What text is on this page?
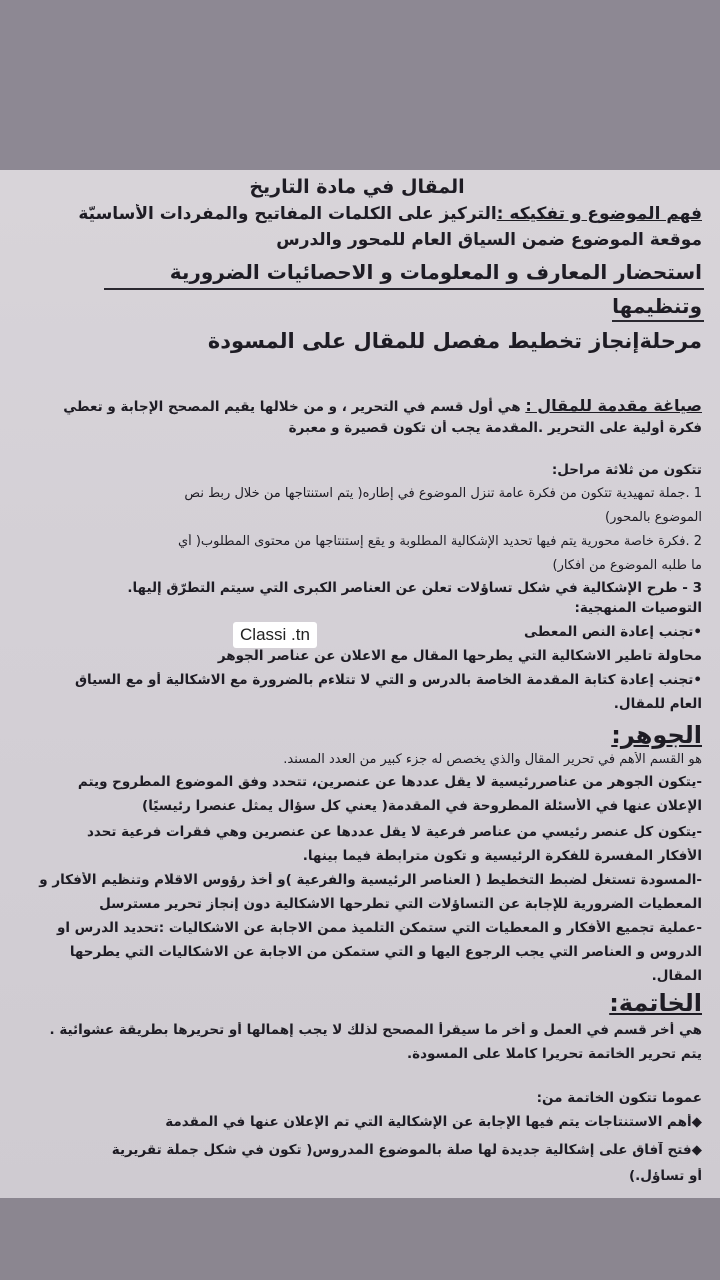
المقال في مادة التاريخ
فهم الموضوع و تفكيكه :التركيز على الكلمات المفاتيح والمفردات الأساسيّة
موقعة الموضوع ضمن السياق العام للمحور والدرس
استحضار المعارف و المعلومات و الاحصائيات الضرورية
وتنظيمها
مرحلةإنجاز تخطيط مفصل للمقال على المسودة
صياغة مقدمة للمقال : هي أول قسم في التحرير ، و من خلالها يقيم المصحح الإجابة و تعطي
فكرة أولية على التحرير .المقدمة يجب أن تكون قصيرة و معبرة
تتكون من ثلاثة مراحل:
1 .جملة تمهيدية تتكون من فكرة عامة تنزل الموضوع في إطاره( يتم استنتاجها من خلال ربط نص
الموضوع بالمحور)
2 .فكرة خاصة محورية يتم فيها تحديد الإشكالية المطلوبة و يقع إستنتاجها من محتوى المطلوب( أي
ما طلبه الموضوع من أفكار)
3 - طرح الإشكالية في شكل تساؤلات تعلن عن العناصر الكبرى التي سيتم التطرّق إليها.
التوصيات المنهجية:
•تجنب إعادة النص المعطى
محاولة تاطير الاشكالية التي يطرحها المقال مع الاعلان عن عناصر الجوهر
•تجنب إعادة كتابة المقدمة الخاصة بالدرس و التي لا تتلاءم بالضرورة مع الاشكالية أو مع السياق
العام للمقال.
الجوهر:
هو القسم الأهم في تحرير المقال والذي يخصص له جزء كبير من العدد المسند.
-يتكون الجوهر من عناصررئيسية لا يقل عددها عن عنصرين، تتحدد وفق الموضوع المطروح ويتم
الإعلان عنها في الأسئلة المطروحة في المقدمة( يعني كل سؤال يمثل عنصرا رئيسيًا)
-يتكون كل عنصر رئيسي من عناصر فرعية لا يقل عددها عن عنصرين وهي فقرات فرعية تحدد
الأفكار المفسرة للفكرة الرئيسية و تكون مترابطة فيما بينها.
-المسودة تستغل لضبط التخطيط ( العناصر الرئيسية والفرعية )و أخذ رؤوس الاقلام وتنظيم الأفكار و
المعطيات الضرورية للإجابة عن التساؤلات التي تطرحها الاشكالية دون إنجاز تحرير مسترسل
-عملية تجميع الأفكار و المعطيات التي ستمكن التلميذ ممن الاجابة عن الاشكاليات :تحديد الدرس او
الدروس و العناصر التي يجب الرجوع اليها و التي ستمكن من الاجابة عن الاشكاليات التي يطرحها
المقال.
الخاتمة:
هي أخر قسم في العمل و أخر ما سيقرأ المصحح لذلك لا يجب إهمالها أو تحريرها بطريقة عشوائية .
يتم تحرير الخاتمة تحريرا كاملا على المسودة.
عموما تتكون الخاتمة من:
◆أهم الاستنتاجات يتم فيها الإجابة عن الإشكالية التي تم الإعلان عنها في المقدمة
◆فتح آفاق على إشكالية جديدة لها صلة بالموضوع المدروس( تكون في شكل جملة تقريرية
أو تساؤل.)
Classi .tn
